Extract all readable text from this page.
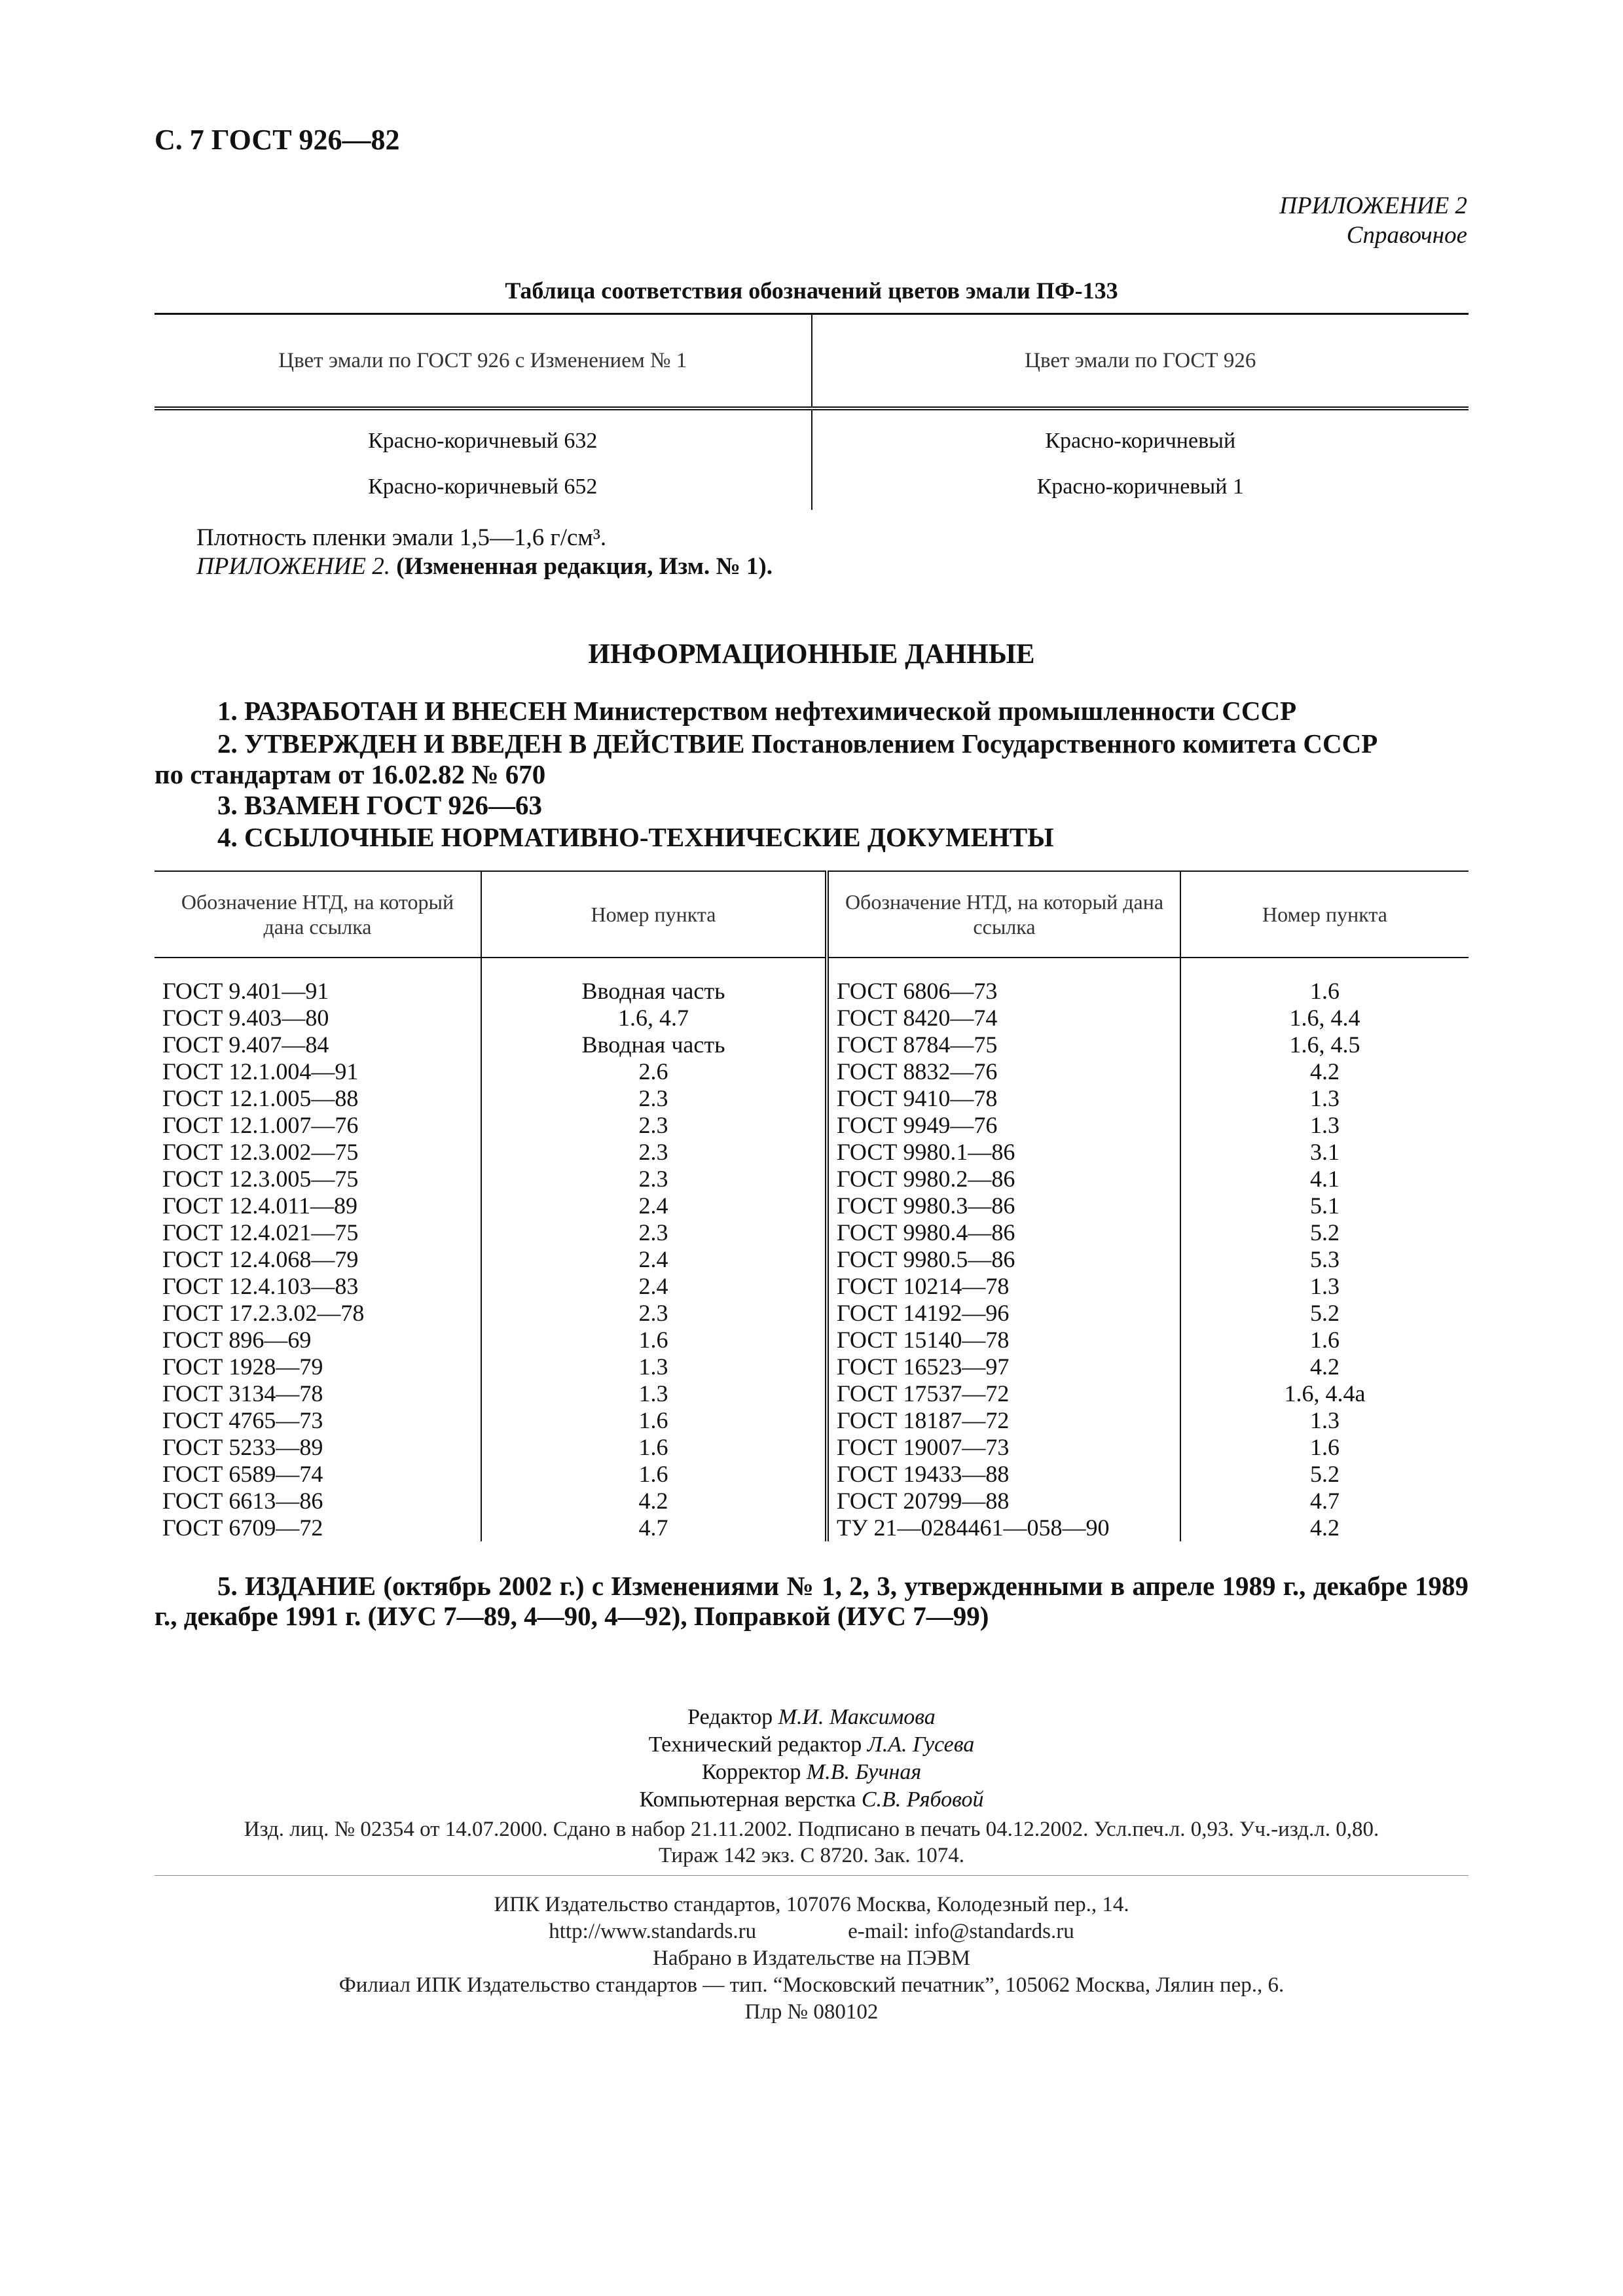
С. 7 ГОСТ 926—82
ПРИЛОЖЕНИЕ 2
Справочное
Таблица соответствия обозначений цветов эмали ПФ-133
Цвет эмали по ГОСТ 926 с Изменением № 1	Цвет эмали по ГОСТ 926
Красно-коричневый 632	Красно-коричневый
Красно-коричневый 652	Красно-коричневый 1
Плотность пленки эмали 1,5—1,6 г/см³.
ПРИЛОЖЕНИЕ 2. (Измененная редакция, Изм. № 1).
ИНФОРМАЦИОННЫЕ ДАННЫЕ
1. РАЗРАБОТАН И ВНЕСЕН Министерством нефтехимической промышленности СССР
2. УТВЕРЖДЕН И ВВЕДЕН В ДЕЙСТВИЕ Постановлением Государственного комитета СССР
по стандартам от 16.02.82 № 670
3. ВЗАМЕН ГОСТ 926—63
4. ССЫЛОЧНЫЕ НОРМАТИВНО-ТЕХНИЧЕСКИЕ ДОКУМЕНТЫ
Обозначение НТД, на который дана ссылка	Номер пункта	Обозначение НТД, на который дана ссылка	Номер пункта
ГОСТ 9.401—91	Вводная часть	ГОСТ 6806—73	1.6
ГОСТ 9.403—80	1.6, 4.7	ГОСТ 8420—74	1.6, 4.4
ГОСТ 9.407—84	Вводная часть	ГОСТ 8784—75	1.6, 4.5
ГОСТ 12.1.004—91	2.6	ГОСТ 8832—76	4.2
ГОСТ 12.1.005—88	2.3	ГОСТ 9410—78	1.3
ГОСТ 12.1.007—76	2.3	ГОСТ 9949—76	1.3
ГОСТ 12.3.002—75	2.3	ГОСТ 9980.1—86	3.1
ГОСТ 12.3.005—75	2.3	ГОСТ 9980.2—86	4.1
ГОСТ 12.4.011—89	2.4	ГОСТ 9980.3—86	5.1
ГОСТ 12.4.021—75	2.3	ГОСТ 9980.4—86	5.2
ГОСТ 12.4.068—79	2.4	ГОСТ 9980.5—86	5.3
ГОСТ 12.4.103—83	2.4	ГОСТ 10214—78	1.3
ГОСТ 17.2.3.02—78	2.3	ГОСТ 14192—96	5.2
ГОСТ 896—69	1.6	ГОСТ 15140—78	1.6
ГОСТ 1928—79	1.3	ГОСТ 16523—97	4.2
ГОСТ 3134—78	1.3	ГОСТ 17537—72	1.6, 4.4а
ГОСТ 4765—73	1.6	ГОСТ 18187—72	1.3
ГОСТ 5233—89	1.6	ГОСТ 19007—73	1.6
ГОСТ 6589—74	1.6	ГОСТ 19433—88	5.2
ГОСТ 6613—86	4.2	ГОСТ 20799—88	4.7
ГОСТ 6709—72	4.7	ТУ 21—0284461—058—90	4.2
5. ИЗДАНИЕ (октябрь 2002 г.) с Изменениями № 1, 2, 3, утвержденными в апреле 1989 г., декабре 1989 г., декабре 1991 г. (ИУС 7—89, 4—90, 4—92), Поправкой (ИУС 7—99)
Редактор М.И. Максимова
Технический редактор Л.А. Гусева
Корректор М.В. Бучная
Компьютерная верстка С.В. Рябовой
Изд. лиц. № 02354 от 14.07.2000. Сдано в набор 21.11.2002. Подписано в печать 04.12.2002. Усл.печ.л. 0,93. Уч.-изд.л. 0,80.
Тираж 142 экз. С 8720. Зак. 1074.
ИПК Издательство стандартов, 107076 Москва, Колодезный пер., 14.
http://www.standards.ru	e-mail: info@standards.ru
Набрано в Издательстве на ПЭВМ
Филиал ИПК Издательство стандартов — тип. “Московский печатник”, 105062 Москва, Лялин пер., 6.
Плр № 080102
